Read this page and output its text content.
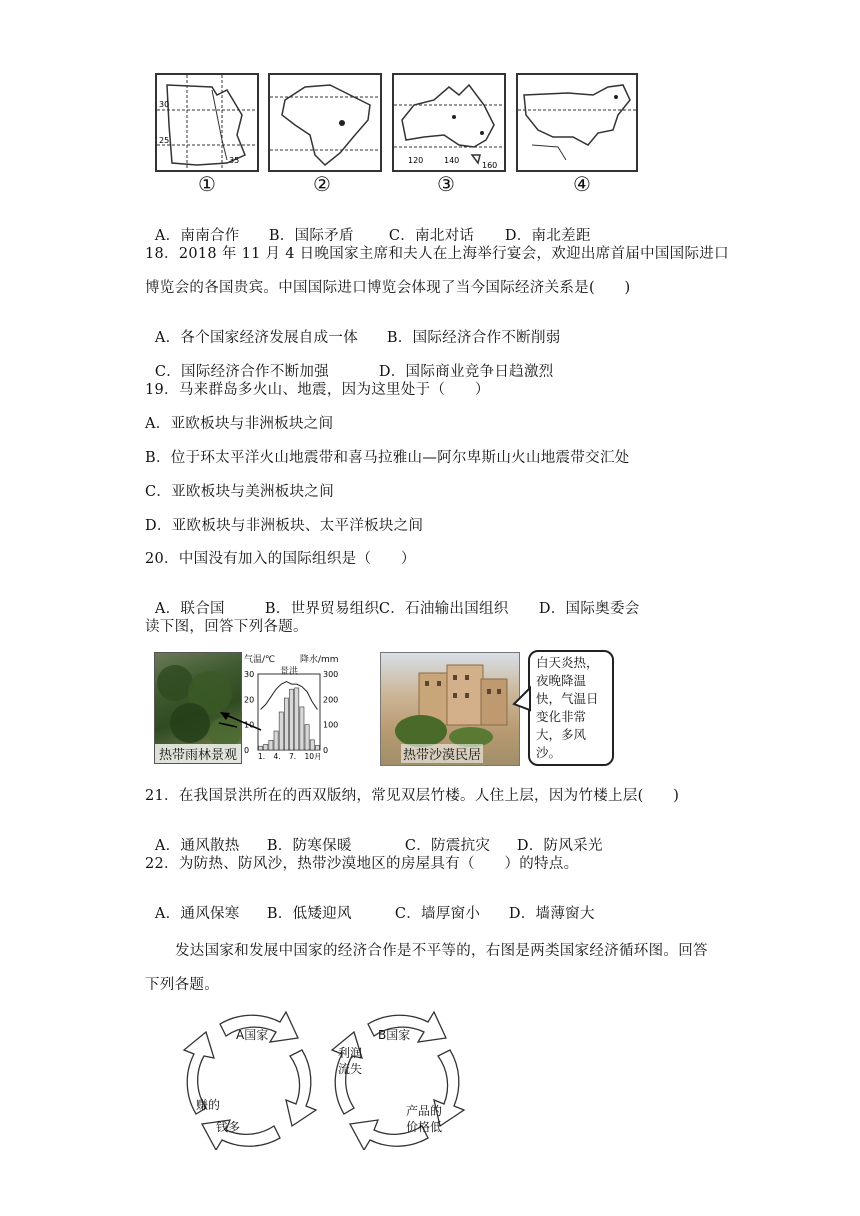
30
25
35
①	②
120	140
160
③	④

A．南南合作 B．国际矛盾 C．南北对话 D．南北差距

18．2018 年 11 月 4 日晚国家主席和夫人在上海举行宴会，欢迎出席首届中国国际进口
博览会的各国贵宾。中国国际进口博览会体现了当今国际经济关系是(　　)

A．各个国家经济发展自成一体 B．国际经济合作不断削弱

C．国际经济合作不断加强	D．国际商业竞争日趋激烈

19．马来群岛多火山、地震，因为这里处于（　　）
A．亚欧板块与非洲板块之间
B．位于环太平洋火山地震带和喜马拉雅山—阿尔卑斯山火山地震带交汇处
C．亚欧板块与美洲板块之间
D．亚欧板块与非洲板块、太平洋板块之间
20．中国没有加入的国际组织是（　　）

A．联合国	B．世界贸易组织C．石油输出国组织 D．国际奥委会

读下图，回答下列各题。
热带雨林景观
气温/℃	降水/mm
景洪
30
20
10
0
300
200
100
0
1. 4. 7. 10月	热带沙漠民居
白天炎热，
夜晚降温
快，气温日
变化非常
大，多风沙。
21．在我国景洪所在的西双版纳，常见双层竹楼。人住上层，因为竹楼上层(　　)

A．通风散热 B．防寒保暖	C．防震抗灾 D．防风采光

22．为防热、防风沙，热带沙漠地区的房屋具有（　　）的特点。

A．通风保寒 B．低矮迎风	C．墙厚窗小 D．墙薄窗大

发达国家和发展中国家的经济合作是不平等的，右图是两类国家经济循环图。回答
下列各题。
A国家
赚的
钱多
B国家
利润
流失
产品的
价格低
